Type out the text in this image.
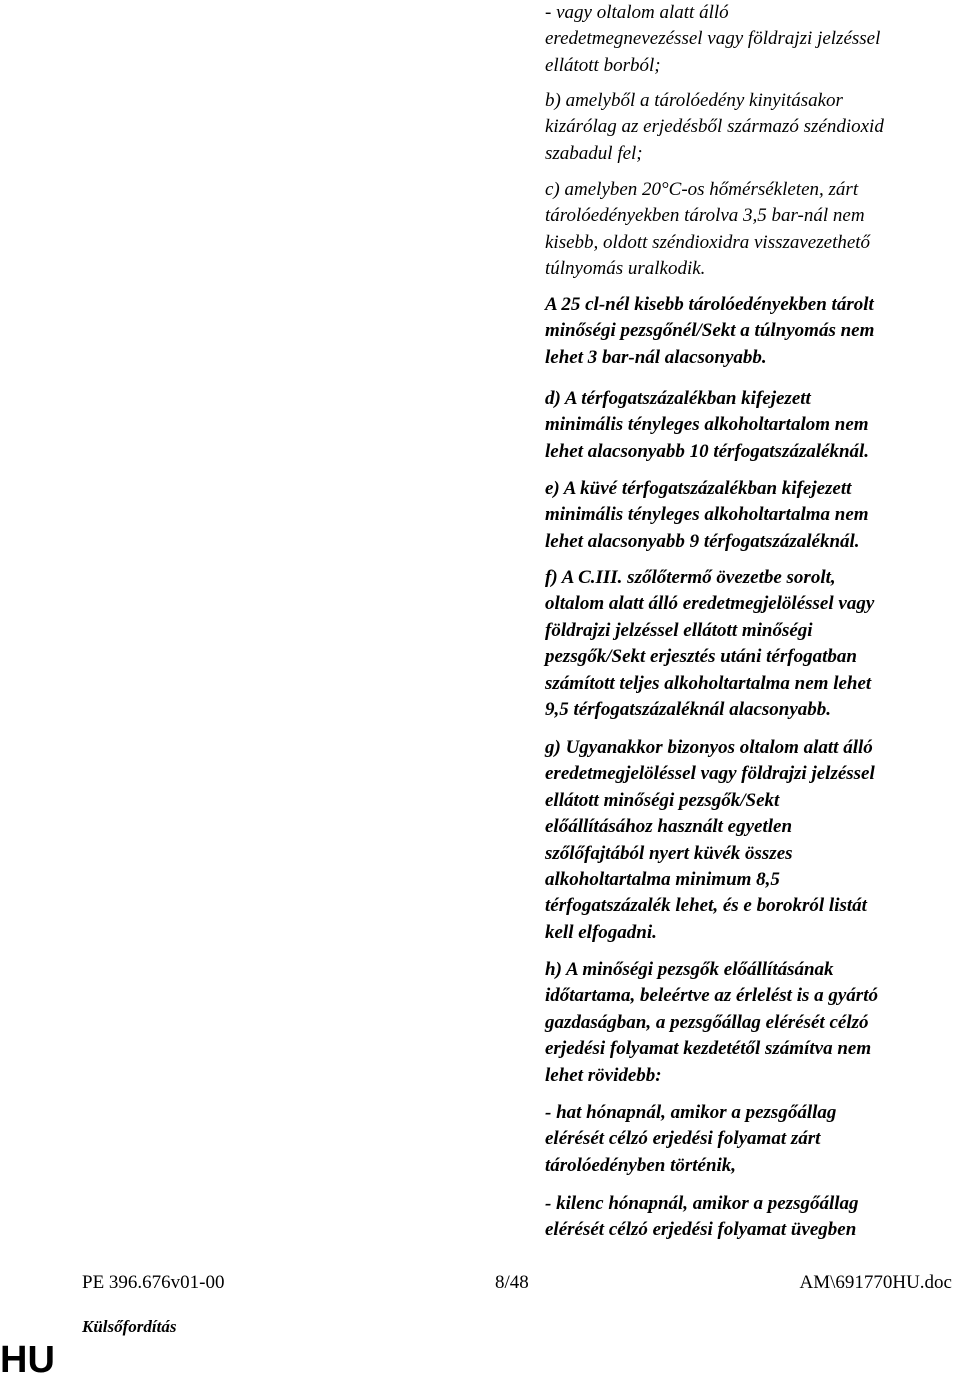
- vagy oltalom alatt álló
eredetmegnevezéssel vagy földrajzi jelzéssel
ellátott borból;

b) amelyből a tárolóedény kinyitásakor
kizárólag az erjedésből származó széndioxid
szabadul fel;

c) amelyben 20°C-os hőmérsékleten, zárt
tárolóedényekben tárolva 3,5 bar-nál nem
kisebb, oldott széndioxidra visszavezethető
túlnyomás uralkodik.

A 25 cl-nél kisebb tárolóedényekben tárolt
minőségi pezsgőnél/Sekt a túlnyomás nem
lehet 3 bar-nál alacsonyabb.

d) A térfogatszázalékban kifejezett
minimális tényleges alkoholtartalom nem
lehet alacsonyabb 10 térfogatszázaléknál.

e) A küvé térfogatszázalékban kifejezett
minimális tényleges alkoholtartalma nem
lehet alacsonyabb 9 térfogatszázaléknál.

f) A C.III. szőlőtermő övezetbe sorolt,
oltalom alatt álló eredetmegjelöléssel vagy
földrajzi jelzéssel ellátott minőségi
pezsgők/Sekt erjesztés utáni térfogatban
számított teljes alkoholtartalma nem lehet
9,5 térfogatszázaléknál alacsonyabb.

g) Ugyanakkor bizonyos oltalom alatt álló
eredetmegjelöléssel vagy földrajzi jelzéssel
ellátott minőségi pezsgők/Sekt
előállításához használt egyetlen
szőlőfajtából nyert küvék összes
alkoholtartalma minimum 8,5
térfogatszázalék lehet, és e borokról listát
kell elfogadni.

h) A minőségi pezsgők előállításának
időtartama, beleértve az érlelést is a gyártó
gazdaságban, a pezsgőállag elérését célzó
erjedési folyamat kezdetétől számítva nem
lehet rövidebb:

- hat hónapnál, amikor a pezsgőállag
elérését célzó erjedési folyamat zárt
tárolóedényben történik,

- kilenc hónapnál, amikor a pezsgőállag
elérését célzó erjedési folyamat üvegben

PE 396.676v01-00	8/48	AM\691770HU.doc
Külsőfordítás
HU
